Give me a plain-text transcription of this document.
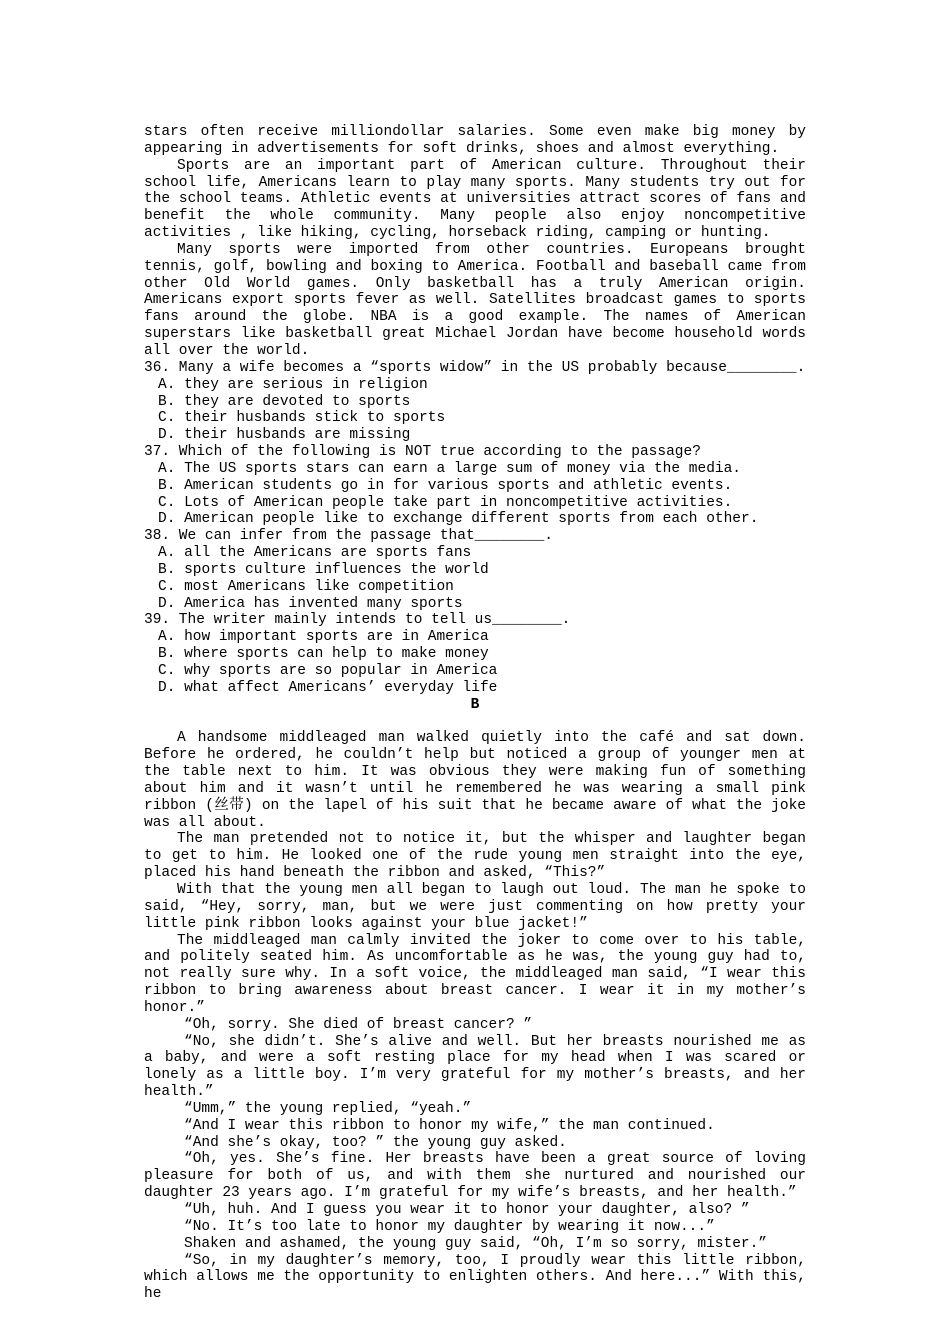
stars often receive milliondollar salaries. Some even make big money by appearing in advertisements for soft drinks, shoes and almost everything.

Sports are an important part of American culture. Throughout their school life, Americans learn to play many sports. Many students try out for the school teams. Athletic events at universities attract scores of fans and benefit the whole community. Many people also enjoy noncompetitive activities , like hiking, cycling, horseback riding, camping or hunting.

Many sports were imported from other countries. Europeans brought tennis, golf, bowling and boxing to America. Football and baseball came from other Old World games. Only basketball has a truly American origin. Americans export sports fever as well. Satellites broadcast games to sports fans around the globe. NBA is a good example. The names of American superstars like basketball great Michael Jordan have become household words all over the world.

36. Many a wife becomes a “sports widow” in the US probably because________.

A. they are serious in religion

B. they are devoted to sports

C. their husbands stick to sports

D. their husbands are missing

37. Which of the following is NOT true according to the passage?

A. The US sports stars can earn a large sum of money via the media.

B. American students go in for various sports and athletic events.

C. Lots of American people take part in noncompetitive activities.

D. American people like to exchange different sports from each other.

38. We can infer from the passage that________.

A. all the Americans are sports fans

B. sports culture influences the world

C. most Americans like competition

D. America has invented many sports

39. The writer mainly intends to tell us________.

A. how important sports are in America

B. where sports can help to make money

C. why sports are so popular in America

D. what affect Americans’ everyday life

B

A handsome middleaged man walked quietly into the café and sat down. Before he ordered, he couldn’t help but noticed a group of younger men at the table next to him. It was obvious they were making fun of something about him and it wasn’t until he remembered he was wearing a small pink ribbon (丝带) on the lapel of his suit that he became aware of what the joke was all about.

The man pretended not to notice it, but the whisper and laughter began to get to him. He looked one of the rude young men straight into the eye, placed his hand beneath the ribbon and asked, “This?”

With that the young men all began to laugh out loud. The man he spoke to said, “Hey, sorry, man, but we were just commenting on how pretty your little pink ribbon looks against your blue jacket!”

The middleaged man calmly invited the joker to come over to his table, and politely seated him. As uncomfortable as he was, the young guy had to, not really sure why. In a soft voice, the middleaged man said, “I wear this ribbon to bring awareness about breast cancer. I wear it in my mother’s honor.”

“Oh, sorry. She died of breast cancer? ”

“No, she didn’t. She’s alive and well. But her breasts nourished me as a baby, and were a soft resting place for my head when I was scared or lonely as a little boy. I’m very grateful for my mother’s breasts, and her health.”

“Umm,” the young replied, “yeah.”

“And I wear this ribbon to honor my wife,” the man continued.

“And she’s okay, too? ” the young guy asked.

“Oh, yes. She’s fine. Her breasts have been a great source of loving pleasure for both of us, and with them she nurtured and nourished our daughter 23 years ago. I’m grateful for my wife’s breasts, and her health.”

“Uh, huh. And I guess you wear it to honor your daughter, also? ”

“No. It’s too late to honor my daughter by wearing it now...”

Shaken and ashamed, the young guy said, “Oh, I’m so sorry, mister.”

“So, in my daughter’s memory, too, I proudly wear this little ribbon, which allows me the opportunity to enlighten others. And here...” With this, he
